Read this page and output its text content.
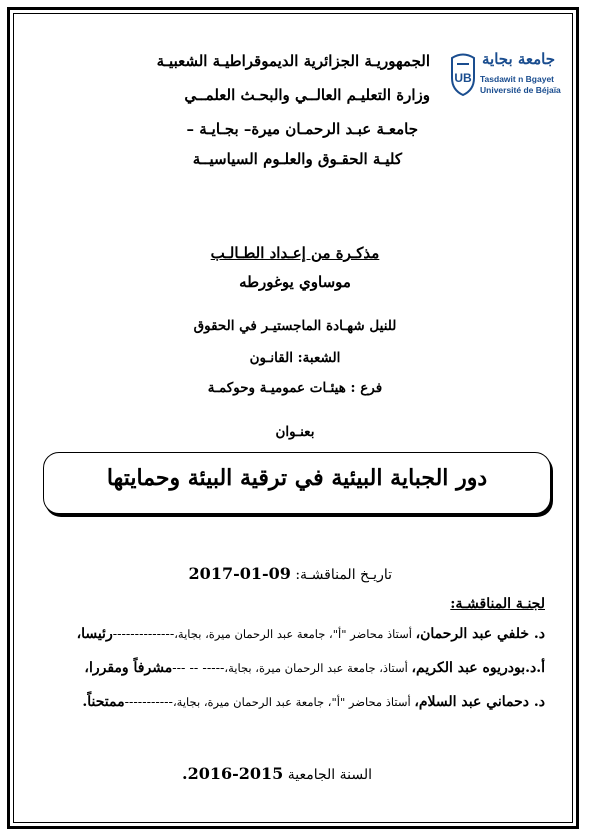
الجمهوريـة الجزائرية الديموقراطيـة الشعبيـة
وزارة التعليـم العالــي والبحـث العلمــي
جامعـة عبـد الرحمـان ميرة– بجـايـة –
كليـة الحقـوق والعلـوم السياسيــة
UB
جامعة بجاية
Tasdawit n Bgayet
Université de Béjaïa
مذكـرة من إعـداد الطـالـب
موساوي يوغورطه
للنيل شهـادة الماجستيـر في الحقوق
الشعبة: القانـون
فرع : هيئـات عموميـة وحوكمـة
بعنـوان
دور الجباية البيئية في ترقية البيئة وحمايتها
تاريـخ المناقشـة: 09-01-2017
لجنـة المناقشـة:
د. خلفي عبد الرحمان، أستاذ محاضر "أ"، جامعة عبد الرحمان ميرة، بجاية،--------------رئيسا،
أ.د.بودريوه عبد الكريم، أستاذ، جامعة عبد الرحمان ميرة، بجاية،----- -- ---مشرفاً ومقررا،
د. دحماني عبد السلام، أستاذ محاضر "أ"، جامعة عبد الرحمان ميرة، بجاية،-----------ممتحناً.
السنة الجامعية 2015-2016.
